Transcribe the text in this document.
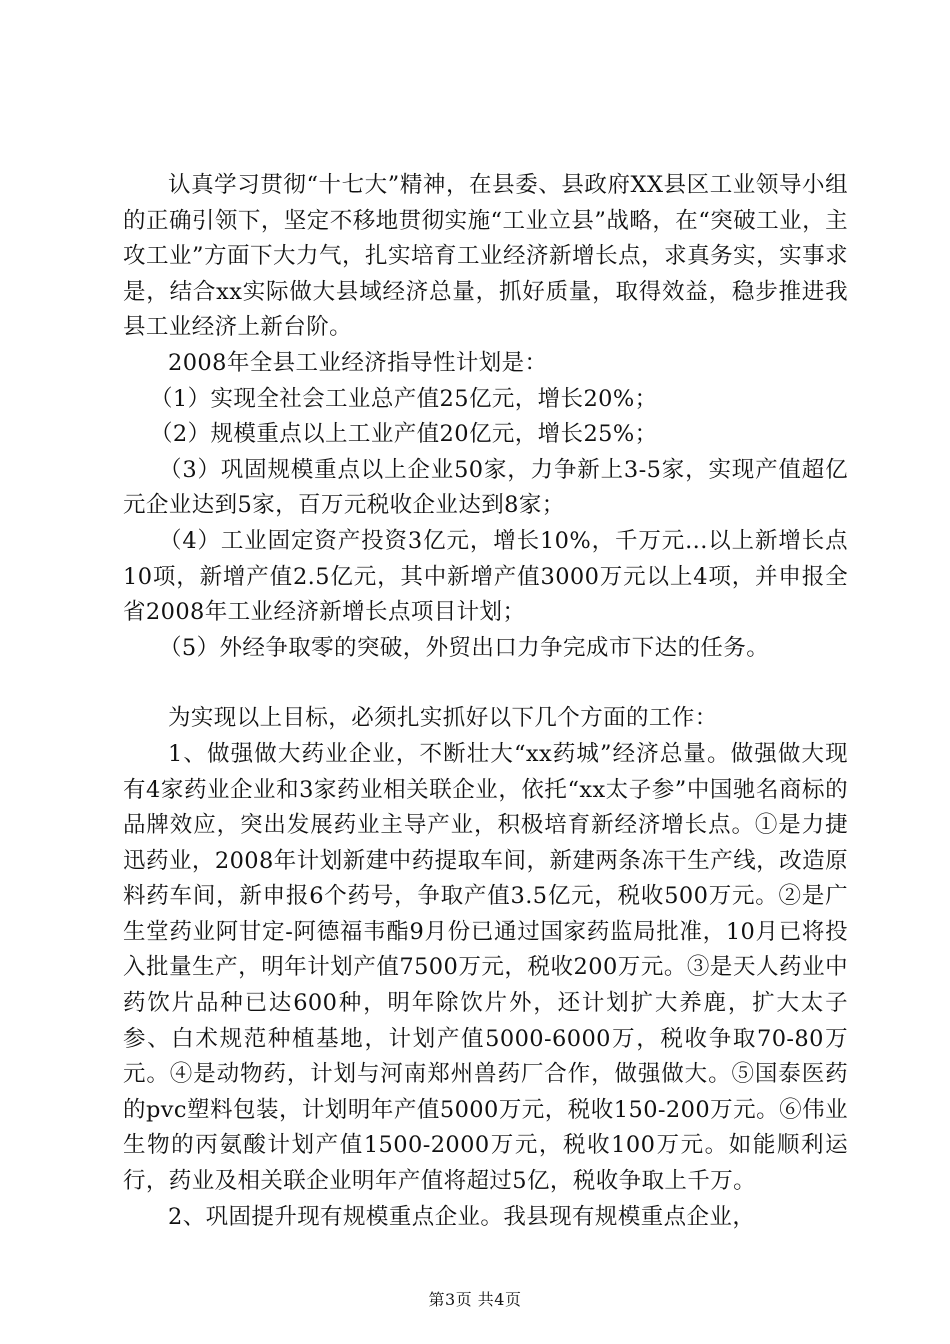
认真学习贯彻“十七大”精神，在县委、县政府XX县区工业领导小组的正确引领下，坚定不移地贯彻实施“工业立县”战略，在“突破工业，主攻工业”方面下大力气，扎实培育工业经济新增长点，求真务实，实事求是，结合xx实际做大县域经济总量，抓好质量，取得效益，稳步推进我县工业经济上新台阶。

2008年全县工业经济指导性计划是：

（1）实现全社会工业总产值25亿元，增长20%；

（2）规模重点以上工业产值20亿元，增长25%；

（3）巩固规模重点以上企业50家，力争新上3-5家，实现产值超亿元企业达到5家，百万元税收企业达到8家；

（4）工业固定资产投资3亿元，增长10%，千万元...以上新增长点10项，新增产值2.5亿元，其中新增产值3000万元以上4项，并申报全省2008年工业经济新增长点项目计划；

（5）外经争取零的突破，外贸出口力争完成市下达的任务。

为实现以上目标，必须扎实抓好以下几个方面的工作：

1、做强做大药业企业，不断壮大“xx药城”经济总量。做强做大现有4家药业企业和3家药业相关联企业，依托“xx太子参”中国驰名商标的品牌效应，突出发展药业主导产业，积极培育新经济增长点。①是力捷迅药业，2008年计划新建中药提取车间，新建两条冻干生产线，改造原料药车间，新申报6个药号，争取产值3.5亿元，税收500万元。②是广生堂药业阿甘定-阿德福韦酯9月份已通过国家药监局批准，10月已将投入批量生产，明年计划产值7500万元，税收200万元。③是天人药业中药饮片品种已达600种，明年除饮片外，还计划扩大养鹿，扩大太子参、白术规范种植基地，计划产值5000-6000万，税收争取70-80万元。④是动物药，计划与河南郑州兽药厂合作，做强做大。⑤国泰医药的pvc塑料包装，计划明年产值5000万元，税收150-200万元。⑥伟业生物的丙氨酸计划产值1500-2000万元，税收100万元。如能顺利运行，药业及相关联企业明年产值将超过5亿，税收争取上千万。

2、巩固提升现有规模重点企业。我县现有规模重点企业，

第3页 共4页
